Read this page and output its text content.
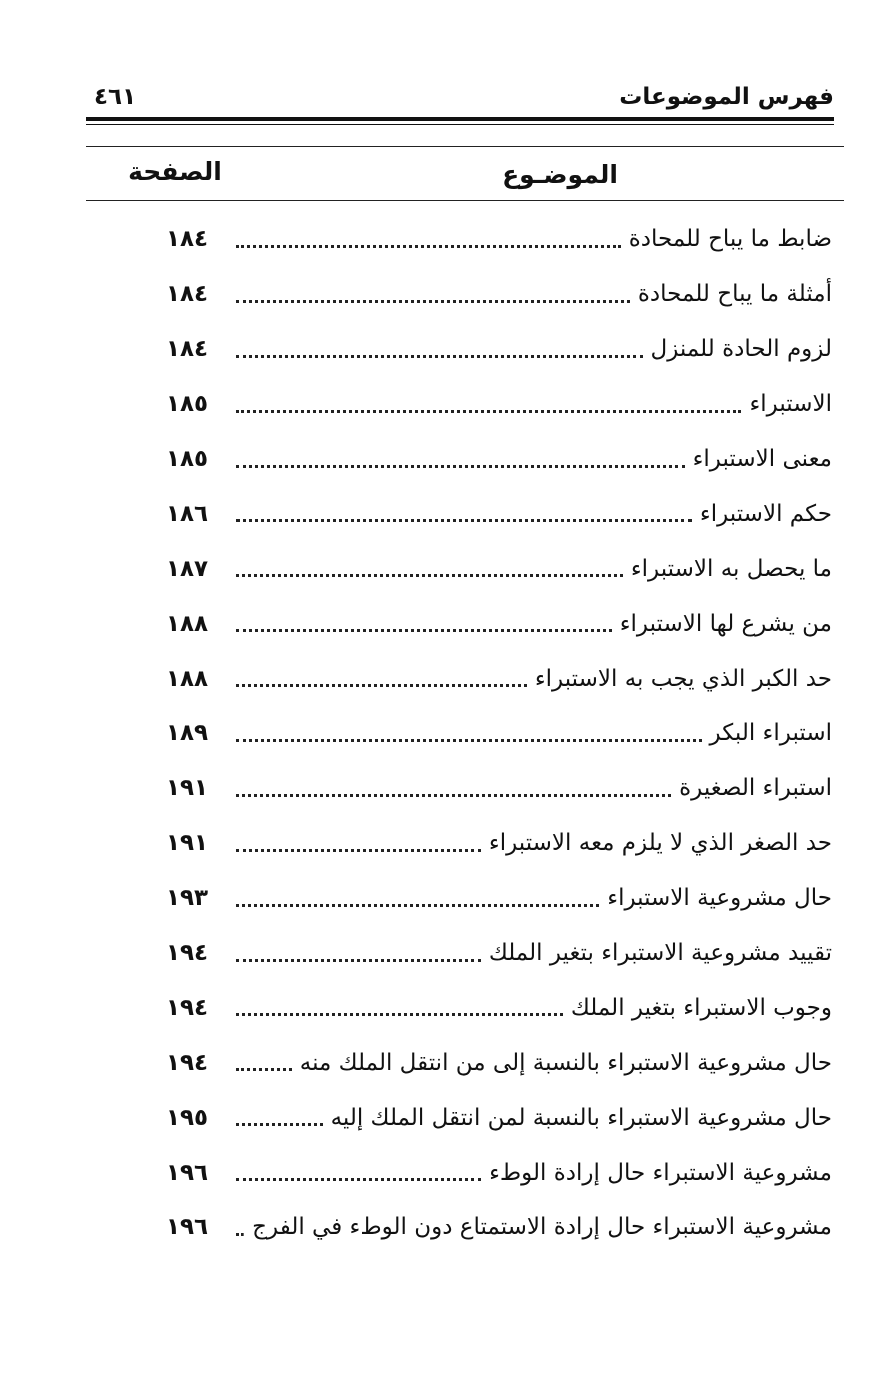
فهرس الموضوعات
٤٦١
الموضـوع
الصفحة
١٨٤	ضابط ما يباح للمحادة
١٨٤	أمثلة ما يباح للمحادة
١٨٤	لزوم الحادة للمنزل
١٨٥	الاستبراء
١٨٥	معنى الاستبراء
١٨٦	حكم الاستبراء
١٨٧	ما يحصل به الاستبراء
١٨٨	من يشرع لها الاستبراء
١٨٨	حد الكبر الذي يجب به الاستبراء
١٨٩	استبراء البكر
١٩١	استبراء الصغيرة
١٩١	حد الصغر الذي لا يلزم معه الاستبراء
١٩٣	حال مشروعية الاستبراء
١٩٤	تقييد مشروعية الاستبراء بتغير الملك
١٩٤	وجوب الاستبراء بتغير الملك
١٩٤	حال مشروعية الاستبراء بالنسبة إلى من انتقل الملك منه
١٩٥	حال مشروعية الاستبراء بالنسبة لمن انتقل الملك إليه
١٩٦	مشروعية الاستبراء حال إرادة الوطء
١٩٦	مشروعية الاستبراء حال إرادة الاستمتاع دون الوطء في الفرج
